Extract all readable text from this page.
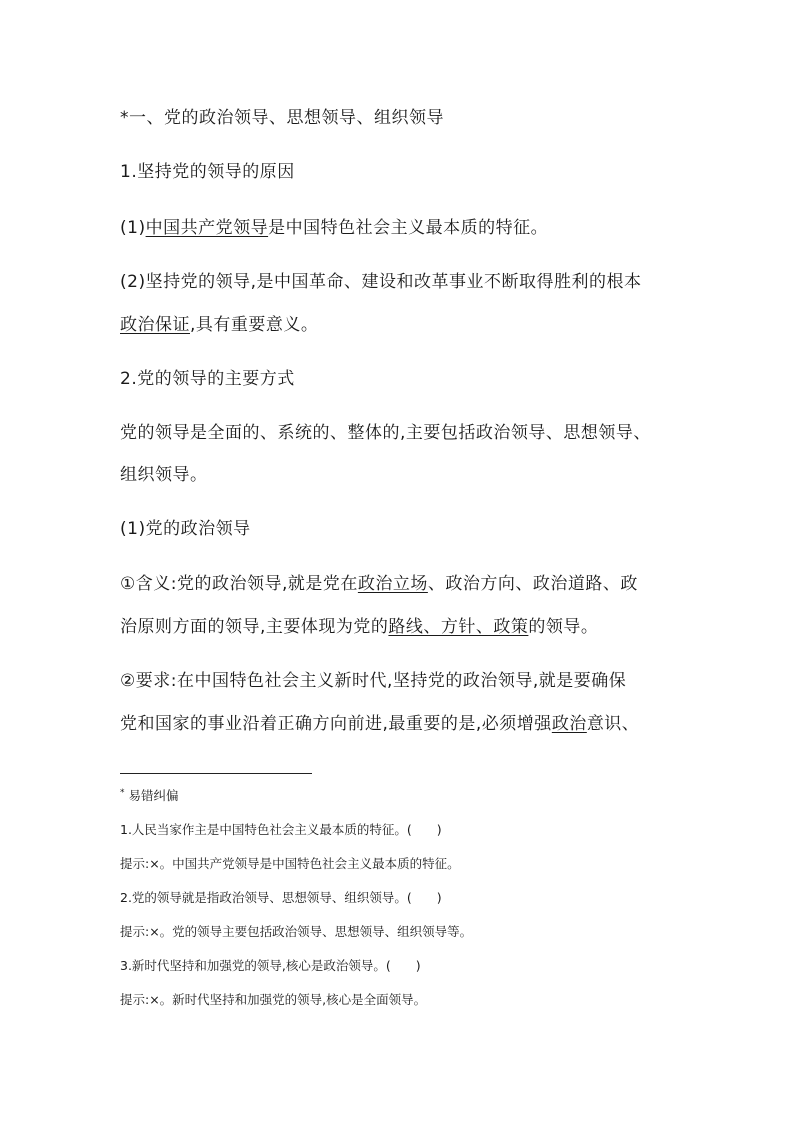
*一、党的政治领导、思想领导、组织领导
1.坚持党的领导的原因
(1)中国共产党领导是中国特色社会主义最本质的特征。
(2)坚持党的领导,是中国革命、建设和改革事业不断取得胜利的根本
政治保证,具有重要意义。
2.党的领导的主要方式
党的领导是全面的、系统的、整体的,主要包括政治领导、思想领导、
组织领导。
(1)党的政治领导
①含义:党的政治领导,就是党在政治立场、政治方向、政治道路、政
治原则方面的领导,主要体现为党的路线、方针、政策的领导。
②要求:在中国特色社会主义新时代,坚持党的政治领导,就是要确保
党和国家的事业沿着正确方向前进,最重要的是,必须增强政治意识、
* 易错纠偏
1.人民当家作主是中国特色社会主义最本质的特征。(　　)
提示:×。中国共产党领导是中国特色社会主义最本质的特征。
2.党的领导就是指政治领导、思想领导、组织领导。(　　)
提示:×。党的领导主要包括政治领导、思想领导、组织领导等。
3.新时代坚持和加强党的领导,核心是政治领导。(　　)
提示:×。新时代坚持和加强党的领导,核心是全面领导。
